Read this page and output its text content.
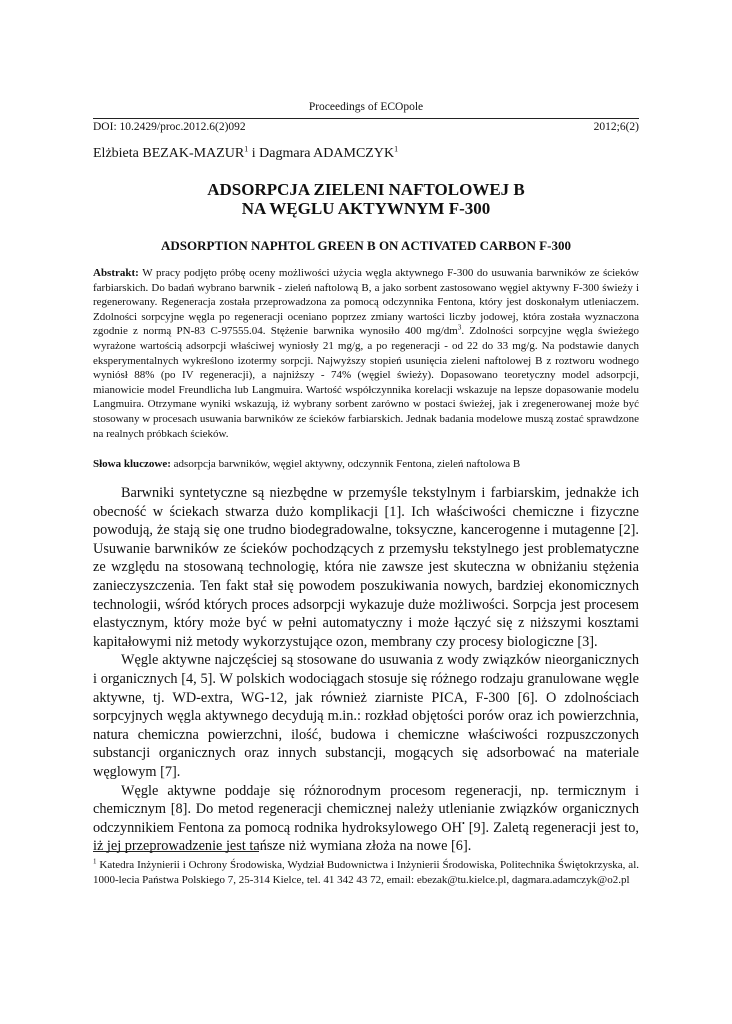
Proceedings of ECOpole
DOI: 10.2429/proc.2012.6(2)092	2012;6(2)
Elżbieta BEZAK-MAZUR$^1$ i Dagmara ADAMCZYK$^1$
ADSORPCJA ZIELENI NAFTOLOWEJ B
NA WĘGLU AKTYWNYM F-300
ADSORPTION NAPHTOL GREEN B ON ACTIVATED CARBON F-300
Abstrakt: W pracy podjęto próbę oceny możliwości użycia węgla aktywnego F-300 do usuwania barwników ze ścieków farbiarskich. Do badań wybrano barwnik - zieleń naftolową B, a jako sorbent zastosowano węgiel aktywny F-300 świeży i regenerowany. Regeneracja została przeprowadzona za pomocą odczynnika Fentona, który jest doskonałym utleniaczem. Zdolności sorpcyjne węgla po regeneracji oceniano poprzez zmiany wartości liczby jodowej, która została wyznaczona zgodnie z normą PN-83 C-97555.04. Stężenie barwnika wynosiło 400 $mg/dm^3$. Zdolności sorpcyjne węgla świeżego wyrażone wartością adsorpcji właściwej wyniosły 21 mg/g, a po regeneracji - od 22 do 33 mg/g. Na podstawie danych eksperymentalnych wykreślono izotermy sorpcji. Najwyższy stopień usunięcia zieleni naftolowej B z roztworu wodnego wyniósł 88% (po IV regeneracji), a najniższy - 74% (węgiel świeży). Dopasowano teoretyczny model adsorpcji, mianowicie model Freundlicha lub Langmuira. Wartość współczynnika korelacji wskazuje na lepsze dopasowanie modelu Langmuira. Otrzymane wyniki wskazują, iż wybrany sorbent zarówno w postaci świeżej, jak i zregenerowanej może być stosowany w procesach usuwania barwników ze ścieków farbiarskich. Jednak badania modelowe muszą zostać sprawdzone na realnych próbkach ścieków.
Słowa kluczowe: adsorpcja barwników, węgiel aktywny, odczynnik Fentona, zieleń naftolowa B

Barwniki syntetyczne są niezbędne w przemyśle tekstylnym i farbiarskim, jednakże ich obecność w ściekach stwarza dużo komplikacji [1]. Ich właściwości chemiczne i fizyczne powodują, że stają się one trudno biodegradowalne, toksyczne, kancerogenne i mutagenne [2]. Usuwanie barwników ze ścieków pochodzących z przemysłu tekstylnego jest problematyczne ze względu na stosowaną technologię, która nie zawsze jest skuteczna w obniżaniu stężenia zanieczyszczenia. Ten fakt stał się powodem poszukiwania nowych, bardziej ekonomicznych technologii, wśród których proces adsorpcji wykazuje duże możliwości. Sorpcja jest procesem elastycznym, który może być w pełni automatyczny i może łączyć się z niższymi kosztami kapitałowymi niż metody wykorzystujące ozon, membrany czy procesy biologiczne [3].

Węgle aktywne najczęściej są stosowane do usuwania z wody związków nieorganicznych i organicznych [4, 5]. W polskich wodociągach stosuje się różnego rodzaju granulowane węgle aktywne, tj. WD-extra, WG-12, jak również ziarniste PICA, F-300 [6]. O zdolnościach sorpcyjnych węgla aktywnego decydują m.in.: rozkład objętości porów oraz ich powierzchnia, natura chemiczna powierzchni, ilość, budowa i chemiczne właściwości rozpuszczonych substancji organicznych oraz innych substancji, mogących się adsorbować na materiale węglowym [7].

Węgle aktywne poddaje się różnorodnym procesom regeneracji, np. termicznym i chemicznym [8]. Do metod regeneracji chemicznej należy utlenianie związków organicznych odczynnikiem Fentona za pomocą rodnika hydroksylowego OH• [9]. Zaletą regeneracji jest to, iż jej przeprowadzenie jest tańsze niż wymiana złoża na nowe [6].

$^1$ Katedra Inżynierii i Ochrony Środowiska, Wydział Budownictwa i Inżynierii Środowiska, Politechnika Świętokrzyska, al. 1000-lecia Państwa Polskiego 7, 25-314 Kielce, tel. 41 342 43 72, email: ebezak@tu.kielce.pl, dagmara.adamczyk@o2.pl
